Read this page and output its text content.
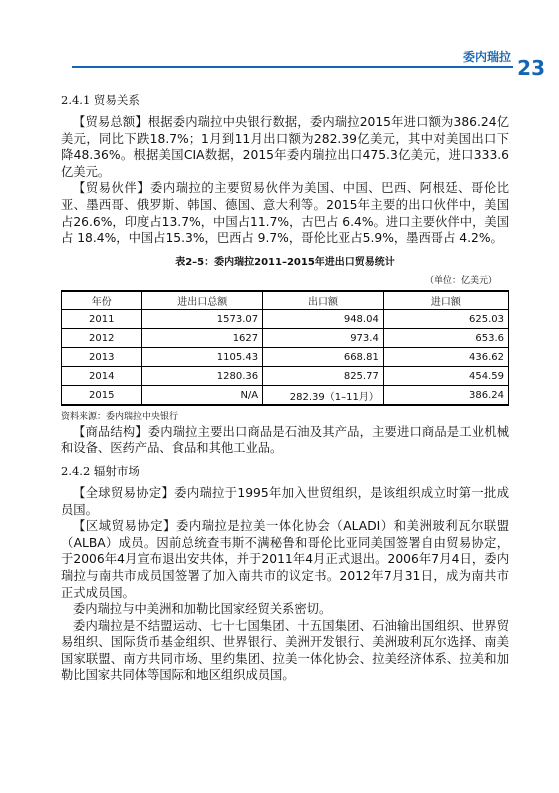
委内瑞拉 23
2.4.1 贸易关系

【贸易总额】根据委内瑞拉中央银行数据，委内瑞拉2015年进口额为386.24亿美元，同比下跌18.7%；1月到11月出口额为282.39亿美元，其中对美国出口下降48.36%。根据美国CIA数据，2015年委内瑞拉出口475.3亿美元，进口333.6亿美元。

【贸易伙伴】委内瑞拉的主要贸易伙伴为美国、中国、巴西、阿根廷、哥伦比亚、墨西哥、俄罗斯、韩国、德国、意大利等。2015年主要的出口伙伴中，美国占26.6%，印度占13.7%，中国占11.7%，古巴占 6.4%。进口主要伙伴中，美国占 18.4%，中国占15.3%，巴西占 9.7%，哥伦比亚占5.9%，墨西哥占 4.2%。

表2–5：委内瑞拉2011–2015年进出口贸易统计
（单位：亿美元）
年份	进出口总额	出口额	进口额
2011	1573.07	948.04	625.03
2012	1627	973.4	653.6
2013	1105.43	668.81	436.62
2014	1280.36	825.77	454.59
2015	N/A	282.39（1–11月）	386.24
资料来源：委内瑞拉中央银行

【商品结构】委内瑞拉主要出口商品是石油及其产品，主要进口商品是工业机械和设备、医药产品、食品和其他工业品。

2.4.2 辐射市场

【全球贸易协定】委内瑞拉于1995年加入世贸组织，是该组织成立时第一批成员国。

【区域贸易协定】委内瑞拉是拉美一体化协会（ALADI）和美洲玻利瓦尔联盟（ALBA）成员。因前总统查韦斯不满秘鲁和哥伦比亚同美国签署自由贸易协定，于2006年4月宣布退出安共体，并于2011年4月正式退出。2006年7月4日，委内瑞拉与南共市成员国签署了加入南共市的议定书。2012年7月31日，成为南共市正式成员国。

委内瑞拉与中美洲和加勒比国家经贸关系密切。

委内瑞拉是不结盟运动、七十七国集团、十五国集团、石油输出国组织、世界贸易组织、国际货币基金组织、世界银行、美洲开发银行、美洲玻利瓦尔选择、南美国家联盟、南方共同市场、里约集团、拉美一体化协会、拉美经济体系、拉美和加勒比国家共同体等国际和地区组织成员国。
